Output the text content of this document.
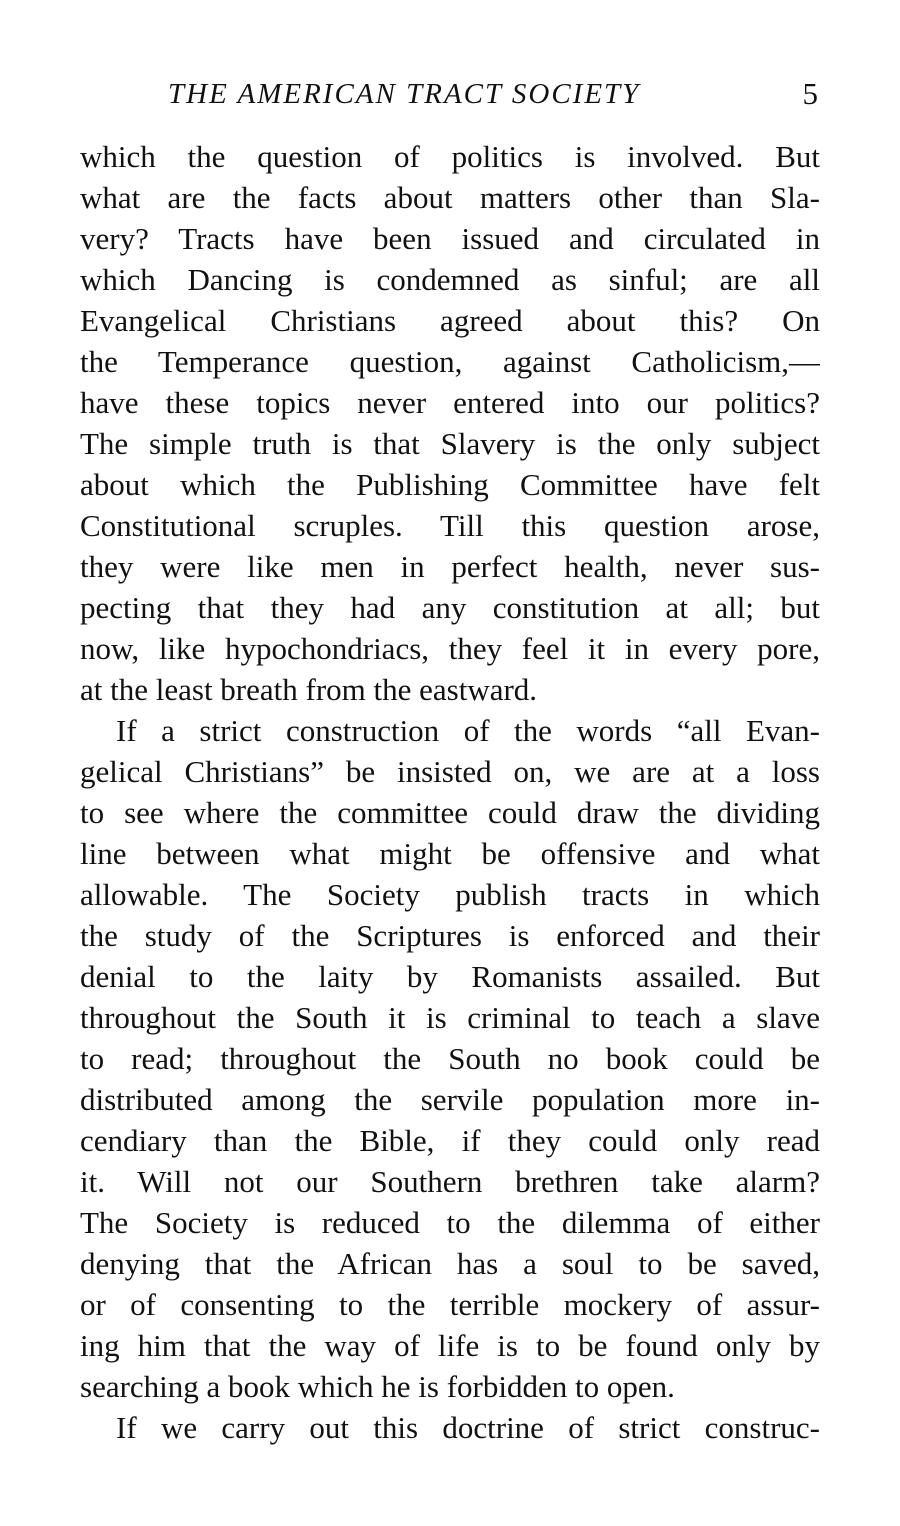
THE AMERICAN TRACT SOCIETY	5
which the question of politics is involved. But
what are the facts about matters other than Sla-
very? Tracts have been issued and circulated in
which Dancing is condemned as sinful; are all
Evangelical Christians agreed about this? On
the Temperance question, against Catholicism,—
have these topics never entered into our politics?
The simple truth is that Slavery is the only subject
about which the Publishing Committee have felt
Constitutional scruples. Till this question arose,
they were like men in perfect health, never sus-
pecting that they had any constitution at all; but
now, like hypochondriacs, they feel it in every pore,
at the least breath from the eastward.
If a strict construction of the words “all Evan-
gelical Christians” be insisted on, we are at a loss
to see where the committee could draw the dividing
line between what might be offensive and what
allowable. The Society publish tracts in which
the study of the Scriptures is enforced and their
denial to the laity by Romanists assailed. But
throughout the South it is criminal to teach a slave
to read; throughout the South no book could be
distributed among the servile population more in-
cendiary than the Bible, if they could only read
it. Will not our Southern brethren take alarm?
The Society is reduced to the dilemma of either
denying that the African has a soul to be saved,
or of consenting to the terrible mockery of assur-
ing him that the way of life is to be found only by
searching a book which he is forbidden to open.
If we carry out this doctrine of strict construc-
